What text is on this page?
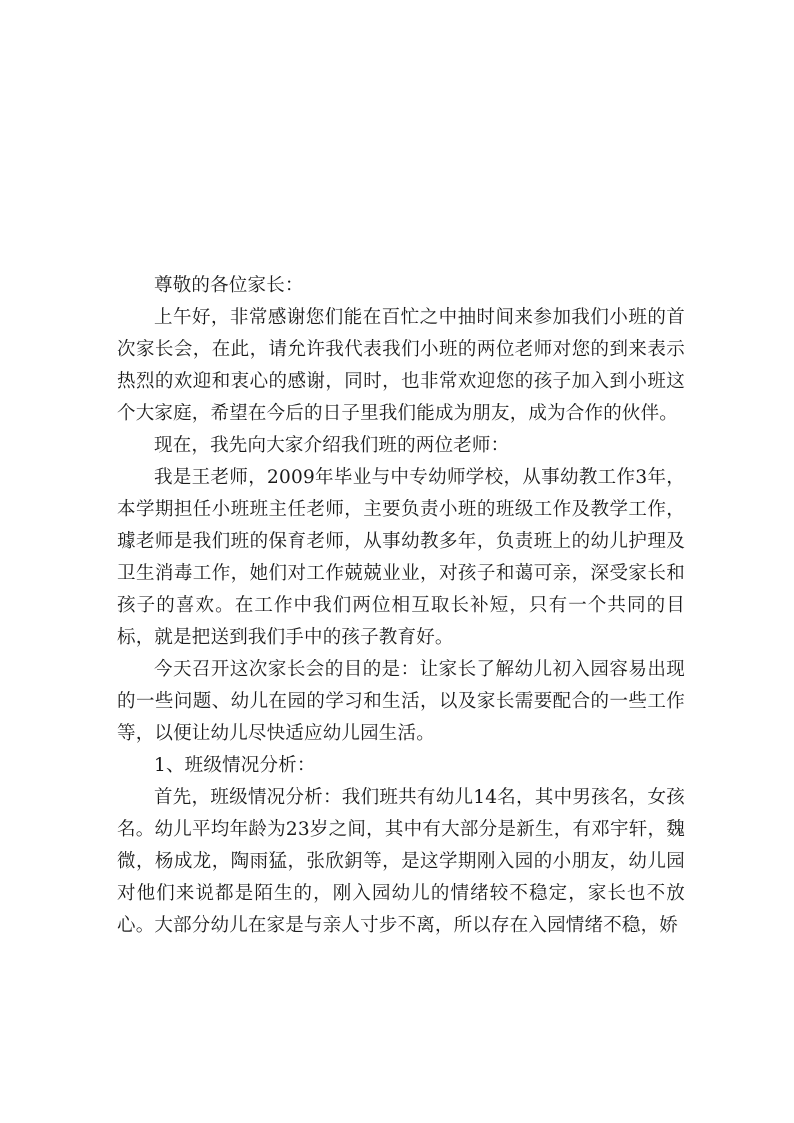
尊敬的各位家长：

上午好，非常感谢您们能在百忙之中抽时间来参加我们小班的首次家长会，在此，请允许我代表我们小班的两位老师对您的到来表示热烈的欢迎和衷心的感谢，同时，也非常欢迎您的孩子加入到小班这个大家庭，希望在今后的日子里我们能成为朋友，成为合作的伙伴。

现在，我先向大家介绍我们班的两位老师：

我是王老师，2009年毕业与中专幼师学校，从事幼教工作3年，本学期担任小班班主任老师，主要负责小班的班级工作及教学工作，璩老师是我们班的保育老师，从事幼教多年，负责班上的幼儿护理及卫生消毒工作，她们对工作兢兢业业，对孩子和蔼可亲，深受家长和孩子的喜欢。在工作中我们两位相互取长补短，只有一个共同的目标，就是把送到我们手中的孩子教育好。

今天召开这次家长会的目的是：让家长了解幼儿初入园容易出现的一些问题、幼儿在园的学习和生活，以及家长需要配合的一些工作等，以便让幼儿尽快适应幼儿园生活。

1、班级情况分析：

首先，班级情况分析：我们班共有幼儿14名，其中男孩名，女孩名。幼儿平均年龄为23岁之间，其中有大部分是新生，有邓宇轩，魏微，杨成龙，陶雨猛，张欣鈅等，是这学期刚入园的小朋友，幼儿园对他们来说都是陌生的，刚入园幼儿的情绪较不稳定，家长也不放心。大部分幼儿在家是与亲人寸步不离，所以存在入园情绪不稳，娇
